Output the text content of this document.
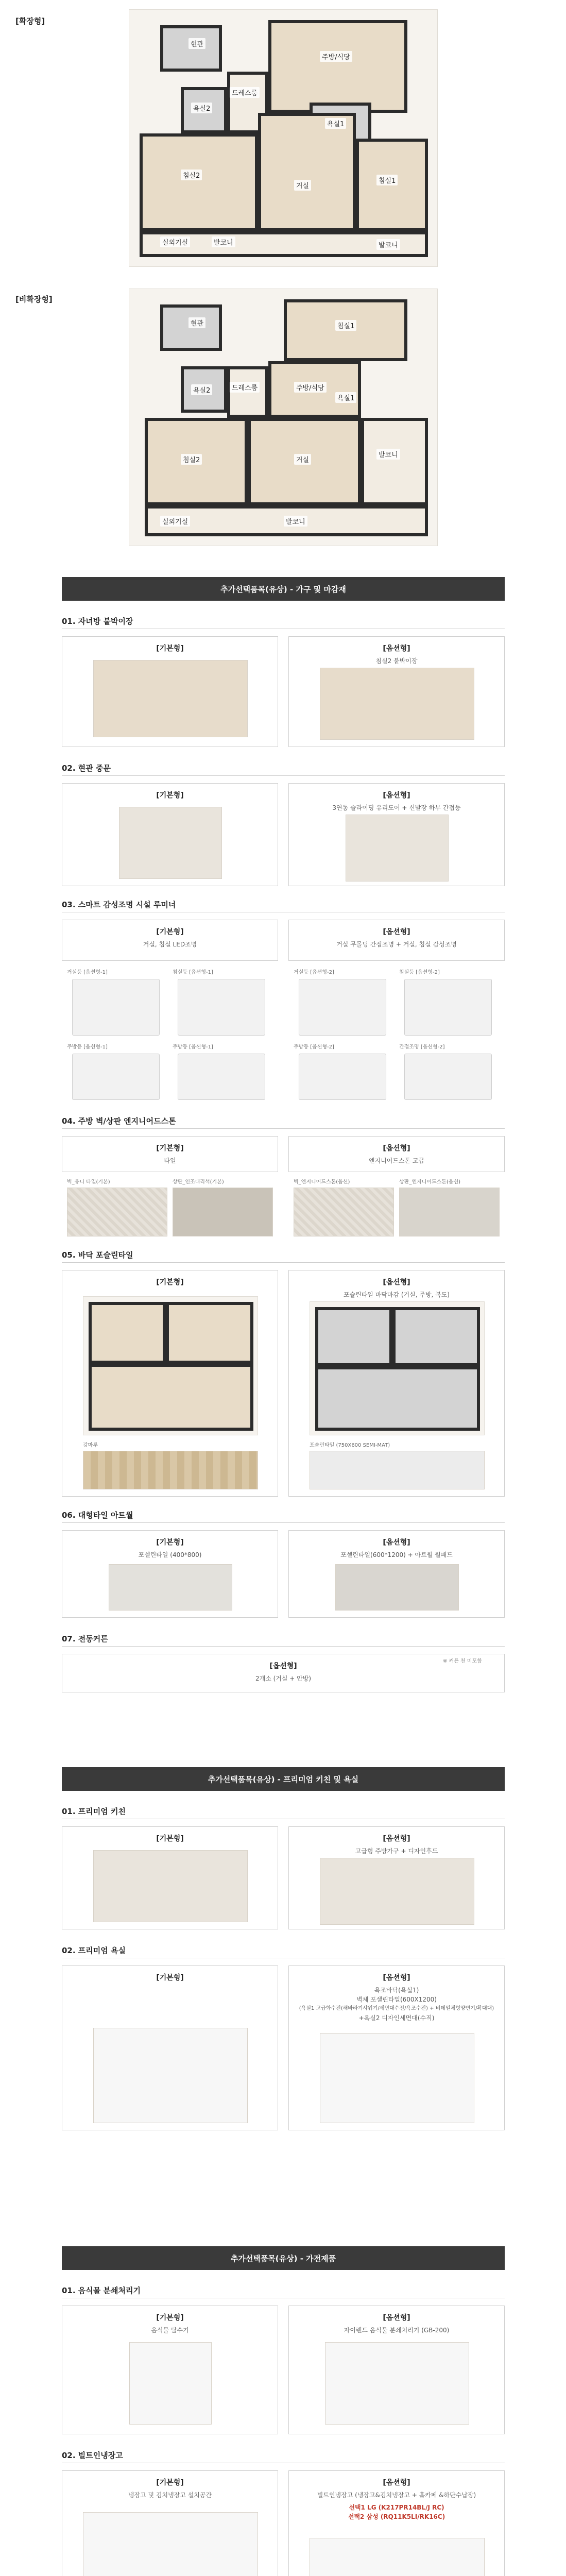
[확장형]
현관
욕실2
드레스룸
주방/식당
침실2
욕실1
거실
실외기실	발코니
침실1
발코니
[비확장형]
현관
욕실2
침실1
주방/식당
침실2
드레스룸
거실
발코니
실외기실	발코니
욕실1
추가선택품목(유상) - 가구 및 마감재
01. 자녀방 붙박이장
[기본형]	[옵션형]
침실2 붙박이장
02. 현관 중문
[기본형]	[옵션형]
3연동 슬라이딩 유리도어 + 신발장 하부 간접등
03. 스마트 감성조명 시설 루미너
[기본형]
거실, 침실 LED조명
[옵션형]
거실 무몰딩 간접조명 + 거실, 침실 감성조명
거실등 [옵션형-1]	침실등 [옵션형-1]	거실등 [옵션형-2]	침실등 [옵션형-2]
주방등 [옵션형-1]	주방등 [옵션형-1]	주방등 [옵션형-2]	간접조명 [옵션형-2]
04. 주방 벽/상판 엔지니어드스톤
[기본형]
타일
[옵션형]
엔지니어드스톤 고급
벽_유니 타일(기본)	상판_인조대리석(기본)	벽_엔지니어드스톤(옵션)	상판_엔지니어드스톤(옵션)
05. 바닥 포슬린타일
[기본형]
강마루
[옵션형]
포슬린타일 바닥마감 (거실, 주방, 복도)
포슬린타일 (750X600 SEMI-MAT)
06. 대형타일 아트월
[기본형]
포셀린타일 (400*800)
[옵션형]
포셀린타일(600*1200) + 아트월 월패드
07. 전동커튼
[옵션형]
2개소 (거실 + 안방)
※ 커튼 천 미포함
추가선택품목(유상) - 프리미엄 키친 및 욕실
01. 프리미엄 키친
[기본형]	[옵션형]
고급형 주방가구 + 디자인후드
02. 프리미엄 욕실
[기본형]	[옵션형]
욕조바닥(욕실1)
벽체 포셀린타일(600X1200)
(욕실1 고급화수전(해바라기샤워기/세면대수전/욕조수전) + 비데일체형양변기/확대대)
+욕실2 디자인세면대(수직)
추가선택품목(유상) - 가전제품
01. 음식물 분쇄처리기
[기본형]
음식물 탈수기
[옵션형]
자이렌드 음식물 분쇄처리기 (GB-200)
02. 빌트인냉장고
[기본형]
냉장고 및 김치냉장고 설치공간
[옵션형]
빌트인냉장고 (냉장고&김치냉장고 + 홈카페 &하단수납장)
선택1 LG (K217PR14BL/J RC)
선택2 삼성 (RQ11K5LI/RK16C)
